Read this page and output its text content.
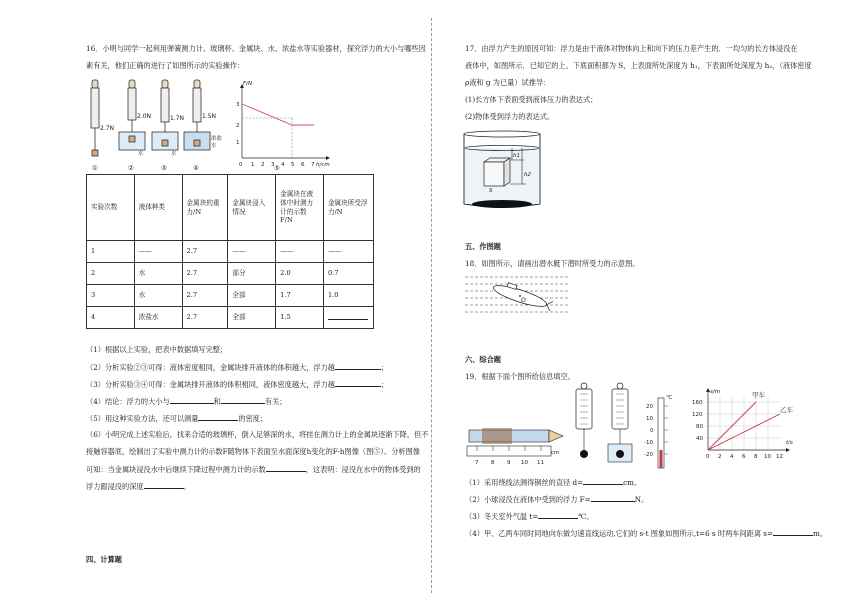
16．小明与同学一起利用弹簧测力计、玻璃杯、金属块、水、浓盐水等实验器材，探究浮力的大小与哪些因
素有关，他们正确的进行了如图所示的实验操作：
2.7N
2.0N	1.7N	1.5N
水	水
浓盐
水
①	②	③	④	⑤
F/N
h/cm
3
2
1
0 1 2 3 4 5 6 7
实验次数	液体种类	金属块的重力/N	金属块浸入情况	金属块在液体中时测力计的示数F/N	金属块所受浮力/N
1	——	2.7	——	——	——
2	水	2.7	部分	2.0	0.7
3	水	2.7	全部	1.7	1.0
4	浓盐水	2.7	全部	1.5	
（1）根据以上实验，把表中数据填写完整；
（2）分析实验②③可得：液体密度相同，金属块排开液体的体积越大，浮力越	；
（3）分析实验③④可得：金属块排开液体的体积相同，液体密度越大，浮力越	；
（4）结论：浮力的大小与	和	有关；
（5）用这种实验方法，还可以测量	的密度；
（6）小明完成上述实验后，找来合适的玻璃杯，倒入足够深的水，将挂在测力计上的金属块逐渐下降，但不
接触容器底，绘制出了实验中测力计的示数F随物体下表面至水面深度h变化的F-h图像（图⑤）。分析图像
可知：当金属块浸没水中后继续下降过程中测力计的示数	，这表明：浸没在水中的物体受到的
浮力跟浸没的深度	。
四、计算题
17．由浮力产生的原因可知：浮力是由于液体对物体向上和向下的压力差产生的．一均匀的长方体浸没在
液体中，如图所示．已知它的上、下底面积都为 S，上表面所处深度为 h₁，下表面所处深度为 h₂，（液体密度
ρ液和 g 为已量）试推导：
(1)长方体下表面受到液体压力的表达式；
(2)物体受到浮力的表达式。
h1
h2
S
五、作图题
18．如图所示，请画出潜水艇下潜时所受力的示意图。
O
六、综合题
19．根据下面个图所给信息填空。
7 8 9 10 11
cm
℃
20
10
0
-10
-20
s/m
t/s
160
120
80
40
0 2 4 6 8 10 12
甲车
乙车
（1）采用绕线法测得铜丝的直径 d=	cm。
（2）小球浸没在液体中受到的浮力 F=	N。
（3）冬天室外气温 t=	℃。
（4）甲、乙两车同时同地向东做匀速直线运动,它们的 s-t 图象如图所示,t=6 s 时两车间距离 s=	m。
